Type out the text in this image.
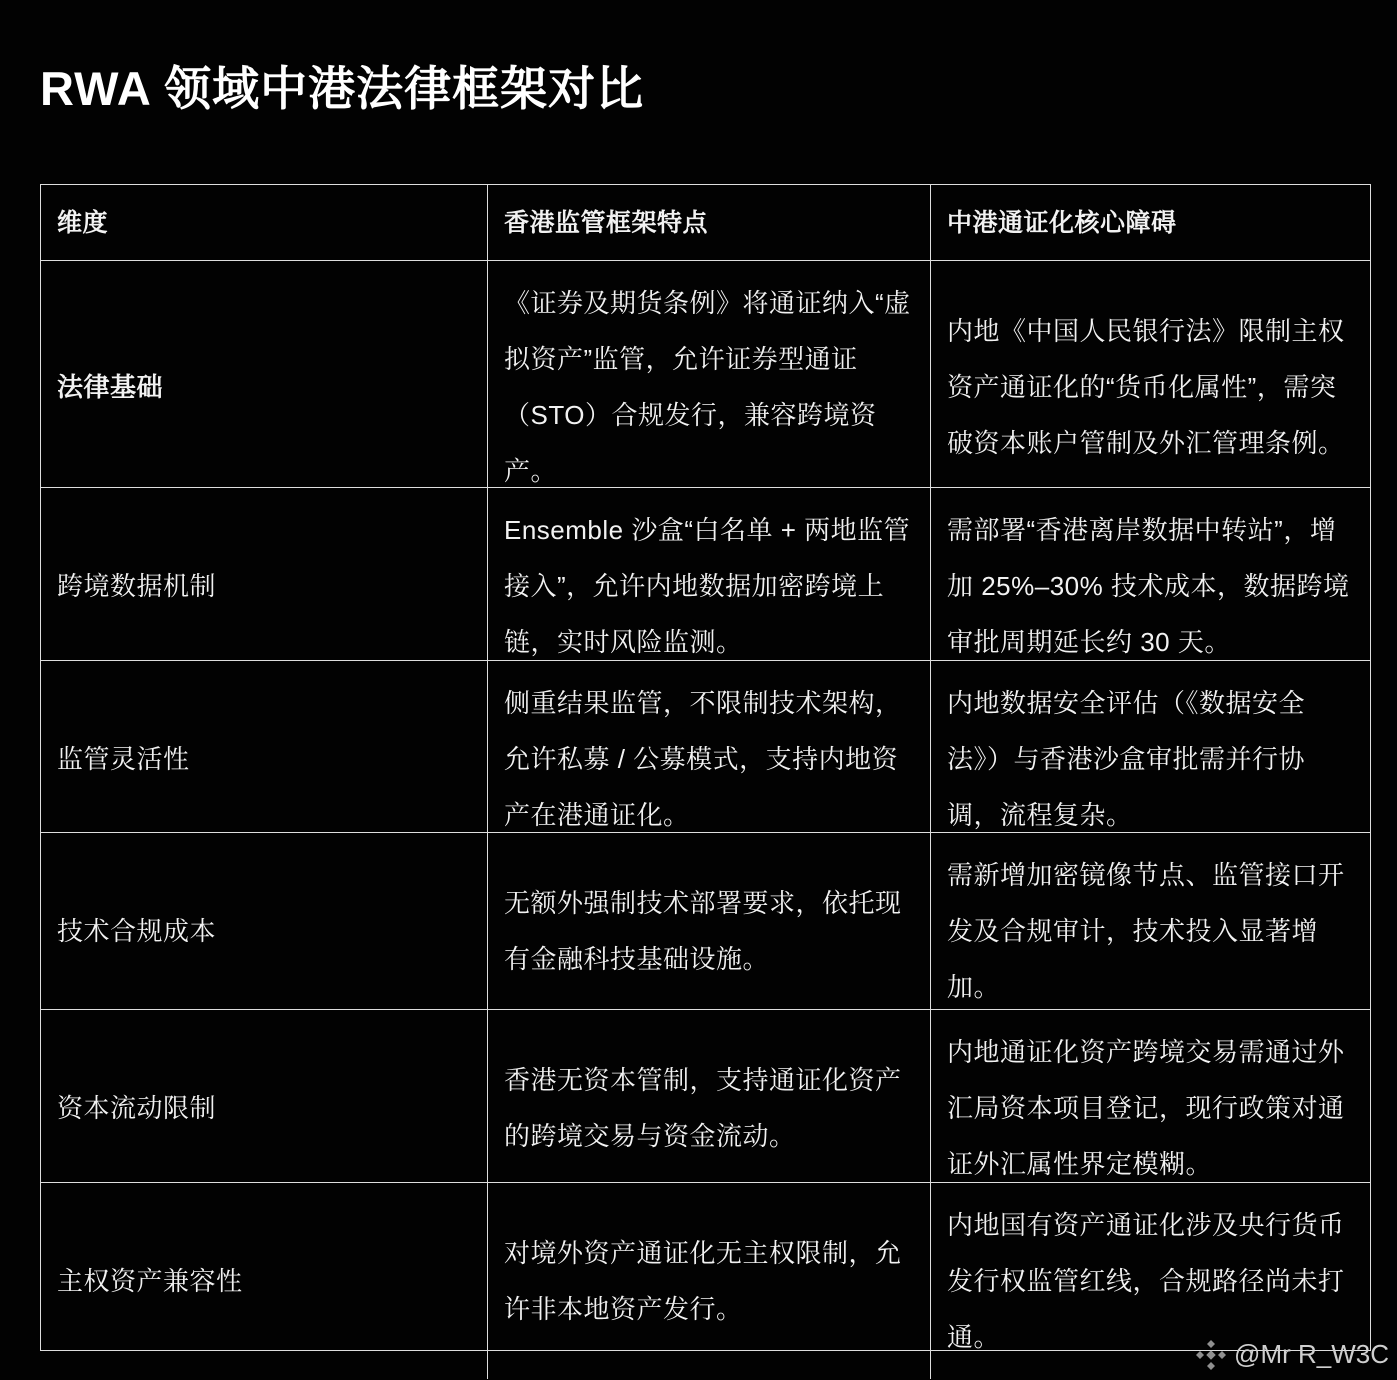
RWA 领域中港法律框架对比
维度	香港监管框架特点	中港通证化核心障碍
法律基础
《证券及期货条例》将通证纳入“虚拟资产”监管，允许证券型通证（STO）合规发行，兼容跨境资产。
内地《中国人民银行法》限制主权资产通证化的“货币化属性”，需突破资本账户管制及外汇管理条例。
跨境数据机制
Ensemble 沙盒“白名单 + 两地监管接入”，允许内地数据加密跨境上链，实时风险监测。
需部署“香港离岸数据中转站”，增加 25%–30% 技术成本，数据跨境审批周期延长约 30 天。
监管灵活性
侧重结果监管，不限制技术架构，允许私募 / 公募模式，支持内地资产在港通证化。
内地数据安全评估（《数据安全法》）与香港沙盒审批需并行协调，流程复杂。
技术合规成本
无额外强制技术部署要求，依托现有金融科技基础设施。
需新增加密镜像节点、监管接口开发及合规审计，技术投入显著增加。
资本流动限制
香港无资本管制，支持通证化资产的跨境交易与资金流动。
内地通证化资产跨境交易需通过外汇局资本项目登记，现行政策对通证外汇属性界定模糊。
主权资产兼容性
对境外资产通证化无主权限制，允许非本地资产发行。
内地国有资产通证化涉及央行货币发行权监管红线，合规路径尚未打通。
@Mr R_W3C
